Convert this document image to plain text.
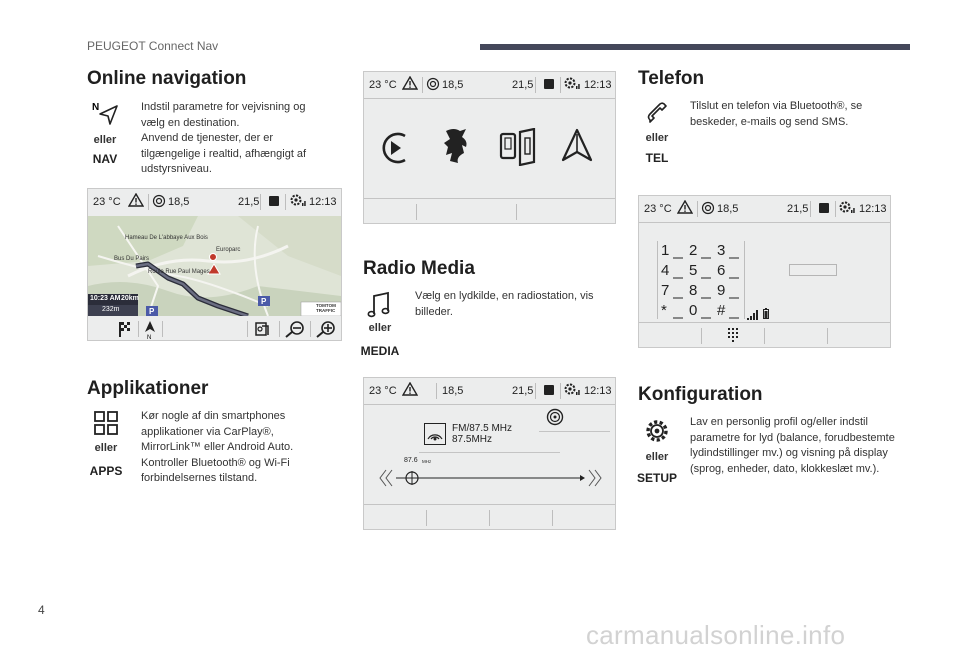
PEUGEOT Connect Nav
4
carmanualsonline.info
Online navigation
N
eller
NAV
Indstil parametre for vejvisning og vælg en destination.
Anvend de tjenester, der er tilgængelige i realtid, afhængigt af udstyrsniveau.
23 °C	18,5	21,5	12:13
P
P
Hameau De L'abbaye Aux Bois
Europarc
Bus Du Pairs
Roule Rue Paul Mages
10:23 AM 20km
232m
TOMTOM TRAFFIC
N
Applikationer
eller
APPS
Kør nogle af din smartphones applikationer via CarPlay®, MirrorLink™ eller Android Auto.
Kontroller Bluetooth® og Wi-Fi forbindelsernes tilstand.
23 °C	18,5	21,5	12:13
Radio Media
eller
MEDIA
Vælg en lydkilde, en radiostation, vis billeder.
23 °C	18,5	21,5	12:13
FM/87.5 MHz
87.5MHz
87.6 MHz
Telefon
eller
TEL
Tilslut en telefon via Bluetooth®, se beskeder, e-mails og send SMS.
23 °C	18,5	21,5	12:13
1 2 3
4 5 6
7 8 9
* 0 #
Konfiguration
eller
SETUP
Lav en personlig profil og/eller indstil parametre for lyd (balance, forudbestemte lydindstillinger mv.) og visning på display (sprog, enheder, dato, klokkeslæt mv.).
